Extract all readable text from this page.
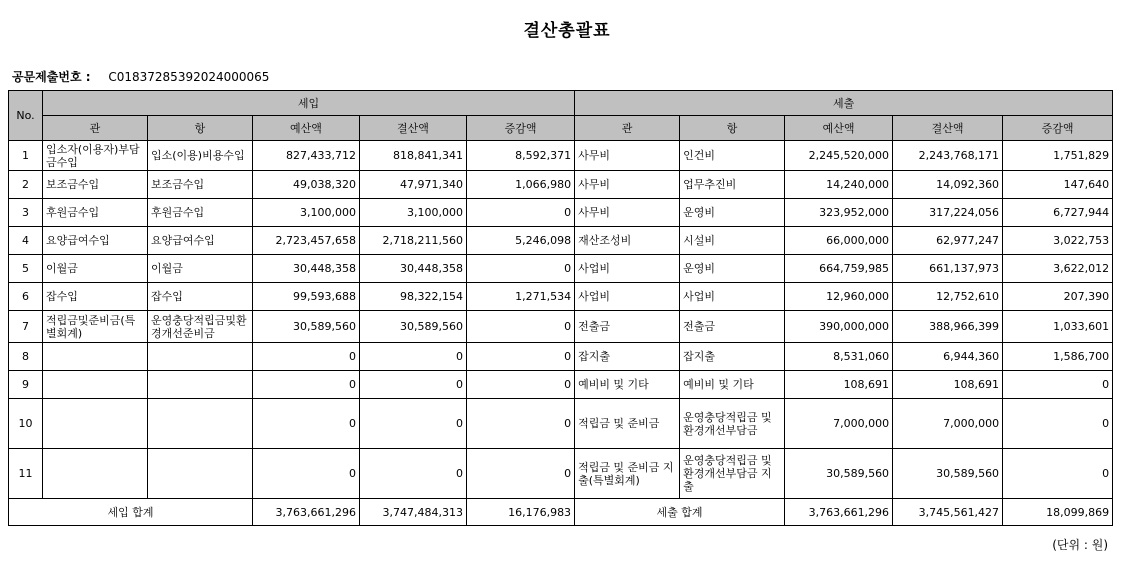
결산총괄표
공문제출번호 : C01837285392024000065
No.	세입					세출				
	관	항	예산액	결산액	증감액	관	항	예산액	결산액	증감액
1	입소자(이용자)부담금수입	입소(이용)비용수입	827,433,712	818,841,341	8,592,371	사무비	인건비	2,245,520,000	2,243,768,171	1,751,829
2	보조금수입	보조금수입	49,038,320	47,971,340	1,066,980	사무비	업무추진비	14,240,000	14,092,360	147,640
3	후원금수입	후원금수입	3,100,000	3,100,000	0	사무비	운영비	323,952,000	317,224,056	6,727,944
4	요양급여수입	요양급여수입	2,723,457,658	2,718,211,560	5,246,098	재산조성비	시설비	66,000,000	62,977,247	3,022,753
5	이월금	이월금	30,448,358	30,448,358	0	사업비	운영비	664,759,985	661,137,973	3,622,012
6	잡수입	잡수입	99,593,688	98,322,154	1,271,534	사업비	사업비	12,960,000	12,752,610	207,390
7	적립금및준비금(특별회계)	운영충당적립금및환경개선준비금	30,589,560	30,589,560	0	전출금	전출금	390,000,000	388,966,399	1,033,601
8			0	0	0	잡지출	잡지출	8,531,060	6,944,360	1,586,700
9			0	0	0	예비비 및 기타	예비비 및 기타	108,691	108,691	0
10			0	0	0	적립금 및 준비금	운영충당적립금 및 환경개선부담금	7,000,000	7,000,000	0
11			0	0	0	적립금 및 준비금 지출(특별회계)	운영충당적립금 및 환경개선부담금 지출	30,589,560	30,589,560	0
세입 합계			3,763,661,296	3,747,484,313	16,176,983	세출 합계		3,763,661,296	3,745,561,427	18,099,869
(단위 : 원)
